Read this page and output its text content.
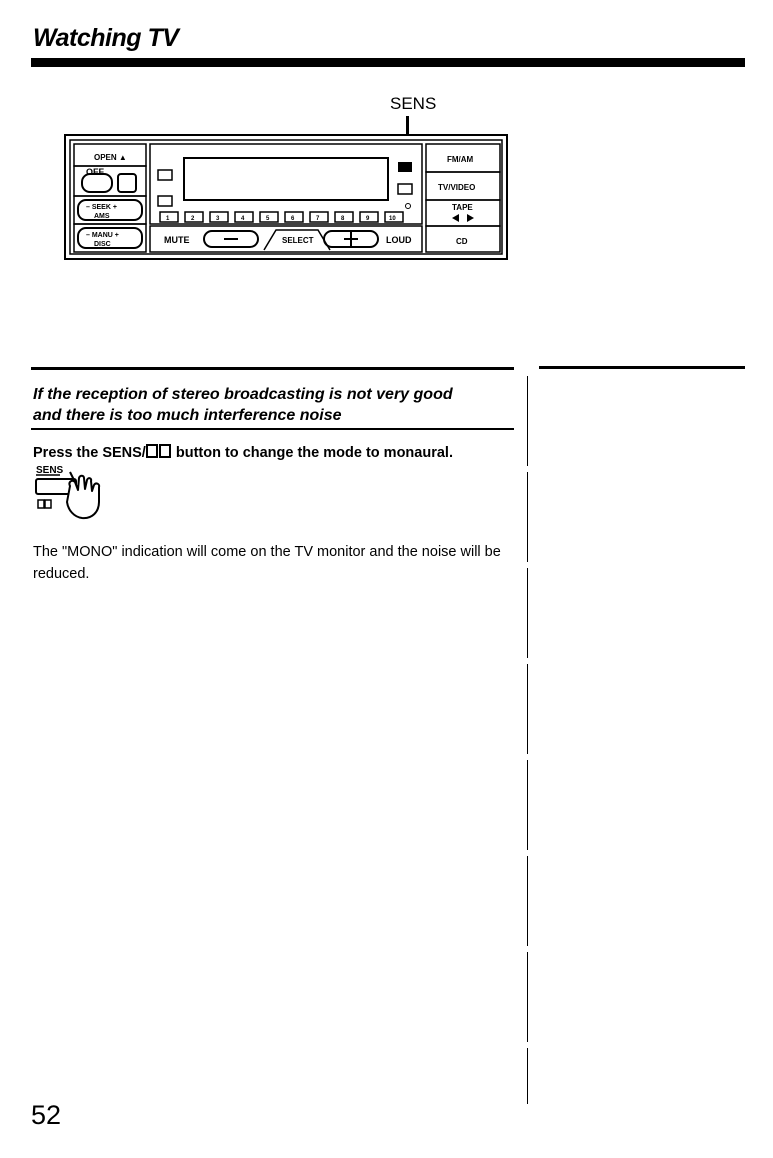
Watching TV
SENS
OPEN ▲
OFF
– SEEK +
AMS
– MANU +
DISC
1	2	3	4	5	6	7	8	9	10
MUTE	SELECT	LOUD
FM/AM
TV/VIDEO
TAPE
CD
If the reception of stereo broadcasting is not very good
and there is too much interference noise
Press the SENS/ button to change the mode to monaural.
SENS
The "MONO" indication will come on the TV monitor and the noise will be reduced.
52
